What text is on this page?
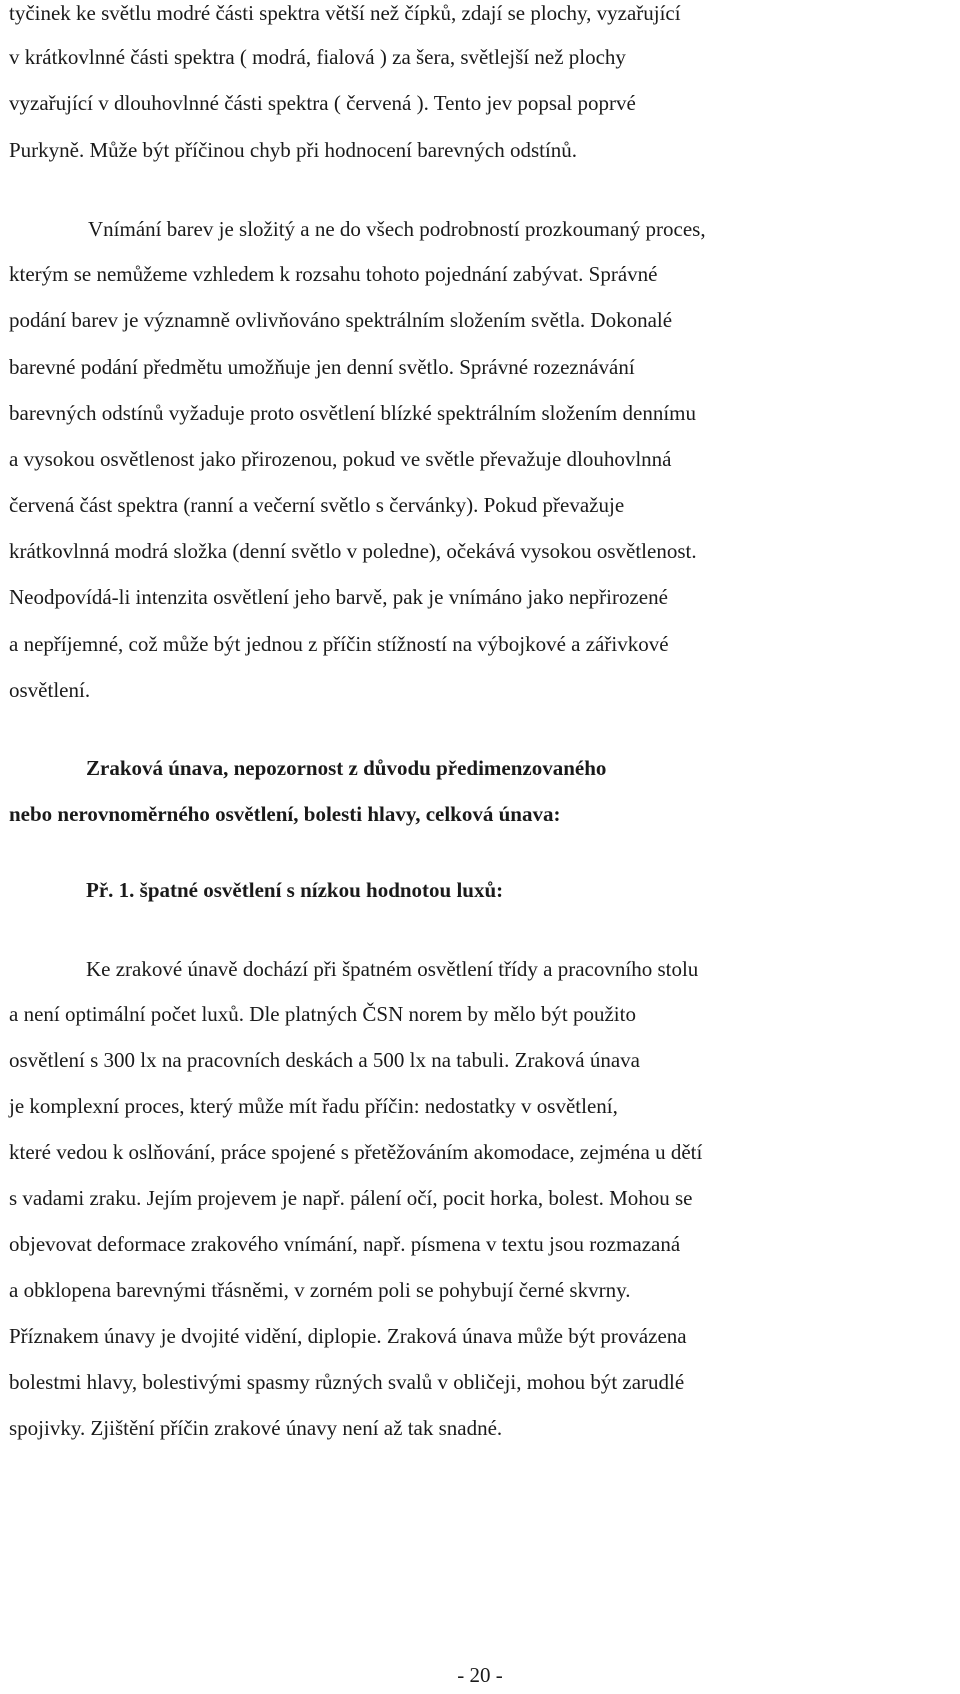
tyčinek ke světlu modré části spektra větší než čípků, zdají se plochy, vyzařující
v krátkovlnné části spektra ( modrá, fialová ) za šera, světlejší než plochy
vyzařující v dlouhovlnné části spektra ( červená ). Tento jev popsal poprvé
Purkyně. Může být příčinou chyb při hodnocení barevných odstínů.
Vnímání barev je složitý a ne do všech podrobností prozkoumaný proces,
kterým se nemůžeme vzhledem k rozsahu tohoto pojednání zabývat. Správné
podání barev je významně ovlivňováno spektrálním složením světla. Dokonalé
barevné podání předmětu umožňuje jen denní světlo. Správné rozeznávání
barevných odstínů vyžaduje proto osvětlení blízké spektrálním složením dennímu
a vysokou osvětlenost jako přirozenou, pokud ve světle převažuje dlouhovlnná
červená část spektra (ranní a večerní světlo s červánky). Pokud převažuje
krátkovlnná modrá složka (denní světlo v poledne), očekává vysokou osvětlenost.
Neodpovídá-li intenzita osvětlení jeho barvě, pak je vnímáno jako nepřirozené
a nepříjemné, což může být jednou z příčin stížností na výbojkové a zářivkové
osvětlení.
Zraková únava, nepozornost z důvodu předimenzovaného
nebo nerovnoměrného osvětlení, bolesti hlavy, celková únava:
Př. 1. špatné osvětlení s nízkou hodnotou luxů:
Ke zrakové únavě dochází při špatném osvětlení třídy a pracovního stolu
a není optimální počet luxů. Dle platných ČSN norem by mělo být použito
osvětlení s 300 lx na pracovních deskách a 500 lx na tabuli. Zraková únava
je komplexní proces, který může mít řadu příčin: nedostatky v osvětlení,
které vedou k oslňování, práce spojené s přetěžováním akomodace, zejména u dětí
s vadami zraku. Jejím projevem je např. pálení očí, pocit horka, bolest. Mohou se
objevovat deformace zrakového vnímání, např. písmena v textu jsou rozmazaná
a obklopena barevnými třásněmi, v zorném poli se pohybují černé skvrny.
Příznakem únavy je dvojité vidění, diplopie. Zraková únava může být provázena
bolestmi hlavy, bolestivými spasmy různých svalů v obličeji, mohou být zarudlé
spojivky. Zjištění příčin zrakové únavy není až tak snadné.
- 20 -
